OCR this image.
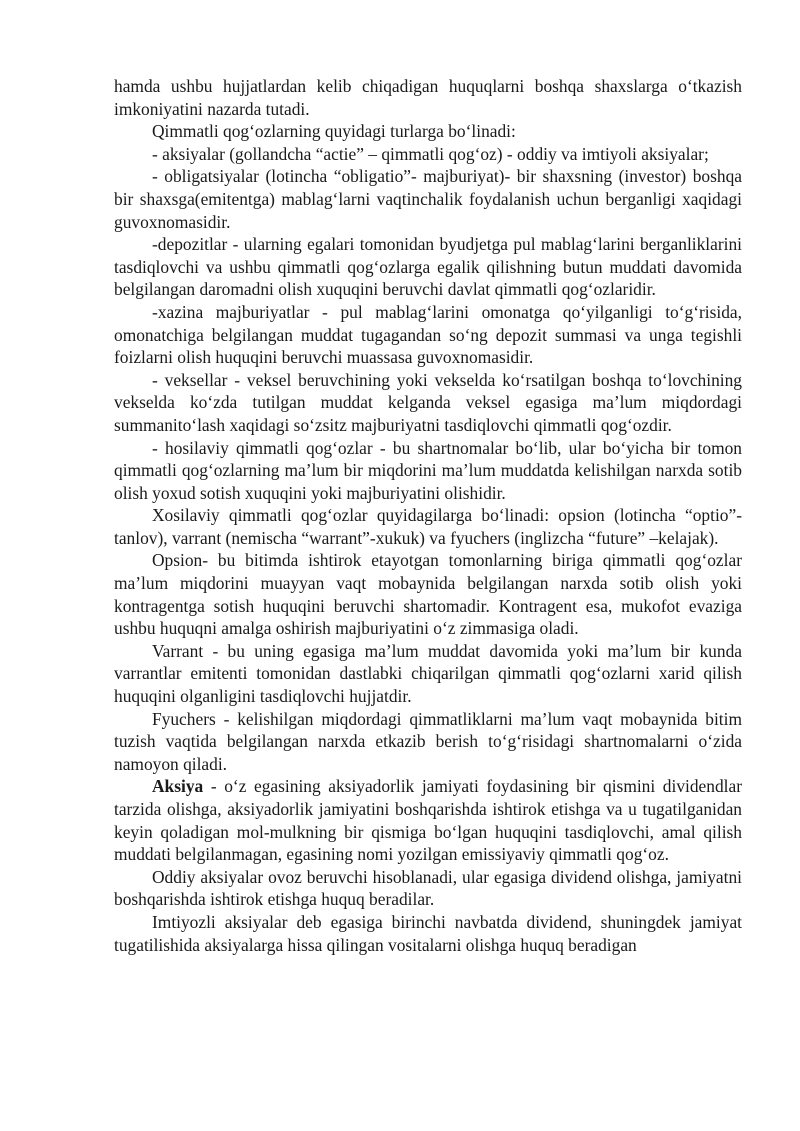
hamda ushbu hujjatlardan kelib chiqadigan huquqlarni boshqa shaxslarga o‘tkazish imkoniyatini nazarda tutadi.

Qimmatli qog‘ozlarning quyidagi turlarga bo‘linadi:

- aksiyalar (gollandcha “actie” – qimmatli qog‘oz) - oddiy va imtiyoli aksiyalar;

- obligatsiyalar (lotincha “obligatio”- majburiyat)- bir shaxsning (investor) boshqa bir shaxsga(emitentga) mablag‘larni vaqtinchalik foydalanish uchun berganligi xaqidagi guvoxnomasidir.

-depozitlar - ularning egalari tomonidan byudjetga pul mablag‘larini berganliklarini tasdiqlovchi va ushbu qimmatli qog‘ozlarga egalik qilishning butun muddati davomida belgilangan daromadni olish xuquqini beruvchi davlat qimmatli qog‘ozlaridir.

-xazina majburiyatlar - pul mablag‘larini omonatga qo‘yilganligi to‘g‘risida, omonatchiga belgilangan muddat tugagandan so‘ng depozit summasi va unga tegishli foizlarni olish huquqini beruvchi muassasa guvoxnomasidir.

- veksellar - veksel beruvchining yoki vekselda ko‘rsatilgan boshqa to‘lovchining vekselda ko‘zda tutilgan muddat kelganda veksel egasiga ma’lum miqdordagi summanito‘lash xaqidagi so‘zsitz majburiyatni tasdiqlovchi qimmatli qog‘ozdir.

- hosilaviy qimmatli qog‘ozlar - bu shartnomalar bo‘lib, ular bo‘yicha bir tomon qimmatli qog‘ozlarning ma’lum bir miqdorini ma’lum muddatda kelishilgan narxda sotib olish yoxud sotish xuquqini yoki majburiyatini olishidir.

Xosilaviy qimmatli qog‘ozlar quyidagilarga bo‘linadi: opsion (lotincha “optio”-tanlov), varrant (nemischa “warrant”-xukuk) va fyuchers (inglizcha “future” –kelajak).

Opsion- bu bitimda ishtirok etayotgan tomonlarning biriga qimmatli qog‘ozlar ma’lum miqdorini muayyan vaqt mobaynida belgilangan narxda sotib olish yoki kontragentga sotish huquqini beruvchi shartomadir. Kontragent esa, mukofot evaziga ushbu huquqni amalga oshirish majburiyatini o‘z zimmasiga oladi.

Varrant - bu uning egasiga ma’lum muddat davomida yoki ma’lum bir kunda varrantlar emitenti tomonidan dastlabki chiqarilgan qimmatli qog‘ozlarni xarid qilish huquqini olganligini tasdiqlovchi hujjatdir.

Fyuchers - kelishilgan miqdordagi qimmatliklarni ma’lum vaqt mobaynida bitim tuzish vaqtida belgilangan narxda etkazib berish to‘g‘risidagi shartnomalarni o‘zida namoyon qiladi.

Aksiya - o‘z egasining aksiyadorlik jamiyati foydasining bir qismini dividendlar tarzida olishga, aksiyadorlik jamiyatini boshqarishda ishtirok etishga va u tugatilganidan keyin qoladigan mol-mulkning bir qismiga bo‘lgan huquqini tasdiqlovchi, amal qilish muddati belgilanmagan, egasining nomi yozilgan emissiyaviy qimmatli qog‘oz.

Oddiy aksiyalar ovoz beruvchi hisoblanadi, ular egasiga dividend olishga, jamiyatni boshqarishda ishtirok etishga huquq beradilar.

Imtiyozli aksiyalar deb egasiga birinchi navbatda dividend, shuningdek jamiyat tugatilishida aksiyalarga hissa qilingan vositalarni olishga huquq beradigan
